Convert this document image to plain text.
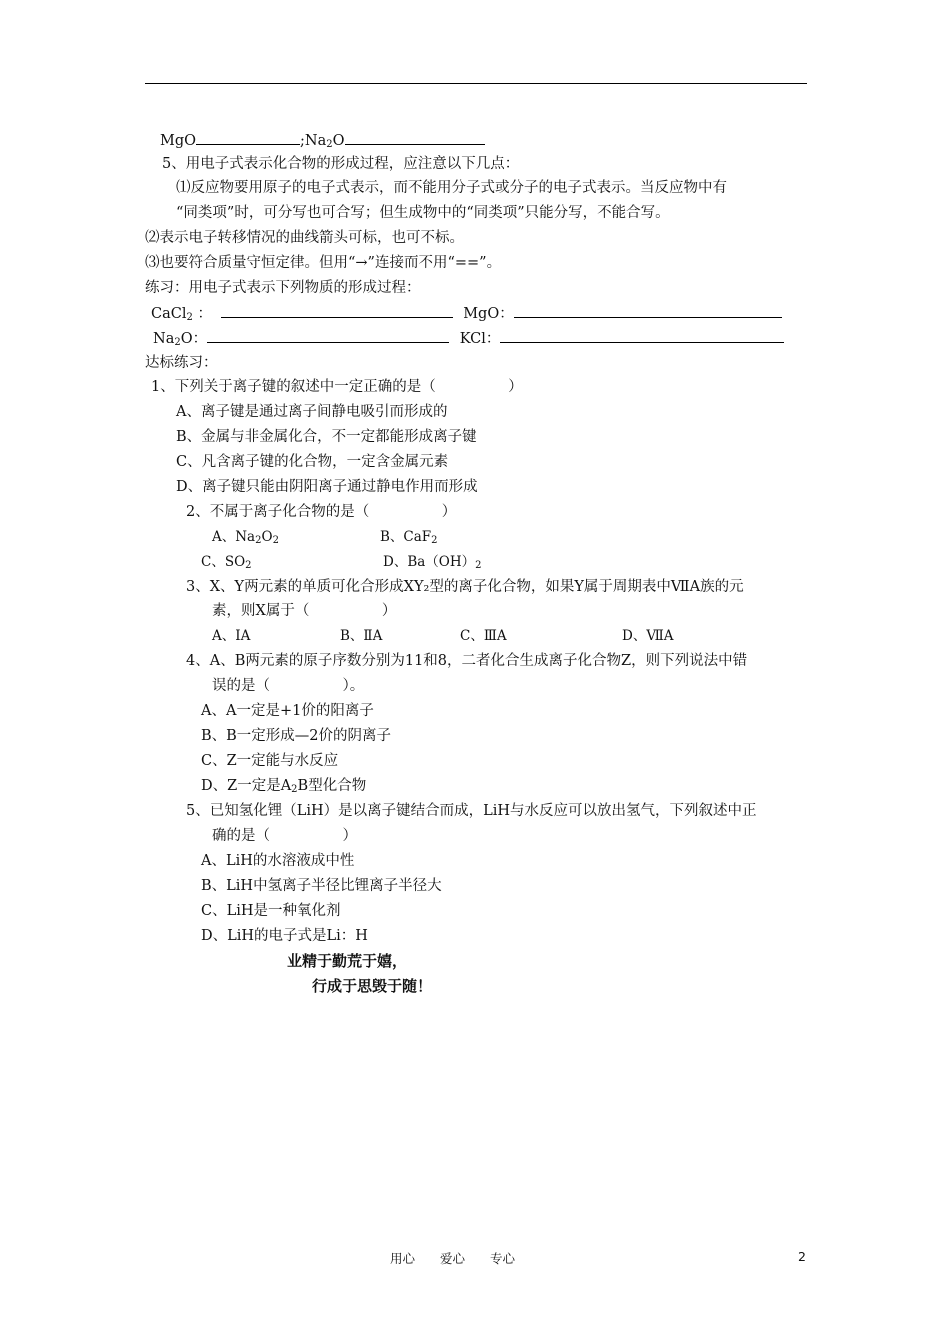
MgO	$;Na_2O$
5、用电子式表示化合物的形成过程，应注意以下几点：
⑴反应物要用原子的电子式表示，而不能用分子式或分子的电子式表示。当反应物中有
“同类项”时，可分写也可合写；但生成物中的“同类项”只能分写，不能合写。
⑵表示电子转移情况的曲线箭头可标，也可不标。
⑶也要符合质量守恒定律。但用“→”连接而不用“==”。
练习：用电子式表示下列物质的形成过程：
CaCl$_2$ ：	MgO：
$Na_2O$：	KCl：
达标练习：
1、下列关于离子键的叙述中一定正确的是（　　　　　）
A、离子键是通过离子间静电吸引而形成的
B、金属与非金属化合，不一定都能形成离子键
C、凡含离子键的化合物，一定含金属元素
D、离子键只能由阴阳离子通过静电作用而形成
2、不属于离子化合物的是（　　　　　）
A、$Na_2O_2$	B、CaF$_2$
C、$SO_2$	D、$Ba(OH)_2$
3、X、Y两元素的单质可化合形成XY₂型的离子化合物，如果Y属于周期表中ⅦA族的元
素，则X属于（　　　　　）
A、ⅠA	B、ⅡA	C、ⅢA	D、ⅦA
4、A、B两元素的原子序数分别为11和8，二者化合生成离子化合物Z，则下列说法中错
误的是（　　　　　）。
A、A一定是+1价的阳离子
B、B一定形成—2价的阴离子
C、Z一定能与水反应
D、Z一定是$A_2B$型化合物
5、已知氢化锂（LiH）是以离子键结合而成，LiH与水反应可以放出氢气，下列叙述中正
确的是（　　　　　）
A、LiH的水溶液成中性
B、LiH中氢离子半径比锂离子半径大
C、LiH是一种氧化剂
D、LiH的电子式是Li：H
业精于勤荒于嬉，
行成于思毁于随！
用心　　爱心　　专心	2
